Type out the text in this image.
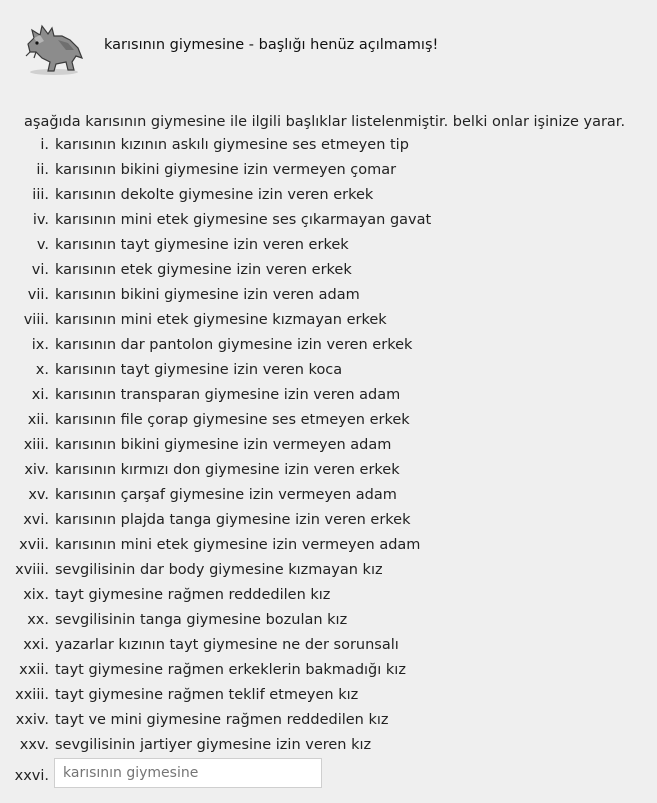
karısının giymesine - başlığı henüz açılmamış!
aşağıda karısının giymesine ile ilgili başlıklar listelenmiştir. belki onlar işinize yarar.
i. karısının kızının askılı giymesine ses etmeyen tip
ii. karısının bikini giymesine izin vermeyen çomar
iii. karısının dekolte giymesine izin veren erkek
iv. karısının mini etek giymesine ses çıkarmayan gavat
v. karısının tayt giymesine izin veren erkek
vi. karısının etek giymesine izin veren erkek
vii. karısının bikini giymesine izin veren adam
viii. karısının mini etek giymesine kızmayan erkek
ix. karısının dar pantolon giymesine izin veren erkek
x. karısının tayt giymesine izin veren koca
xi. karısının transparan giymesine izin veren adam
xii. karısının file çorap giymesine ses etmeyen erkek
xiii. karısının bikini giymesine izin vermeyen adam
xiv. karısının kırmızı don giymesine izin veren erkek
xv. karısının çarşaf giymesine izin vermeyen adam
xvi. karısının plajda tanga giymesine izin veren erkek
xvii. karısının mini etek giymesine izin vermeyen adam
xviii. sevgilisinin dar body giymesine kızmayan kız
xix. tayt giymesine rağmen reddedilen kız
xx. sevgilisinin tanga giymesine bozulan kız
xxi. yazarlar kızının tayt giymesine ne der sorunsalı
xxii. tayt giymesine rağmen erkeklerin bakmadığı kız
xxiii. tayt giymesine rağmen teklif etmeyen kız
xxiv. tayt ve mini giymesine rağmen reddedilen kız
xxv. sevgilisinin jartiyer giymesine izin veren kız
xxvi.
karısının giymesine
